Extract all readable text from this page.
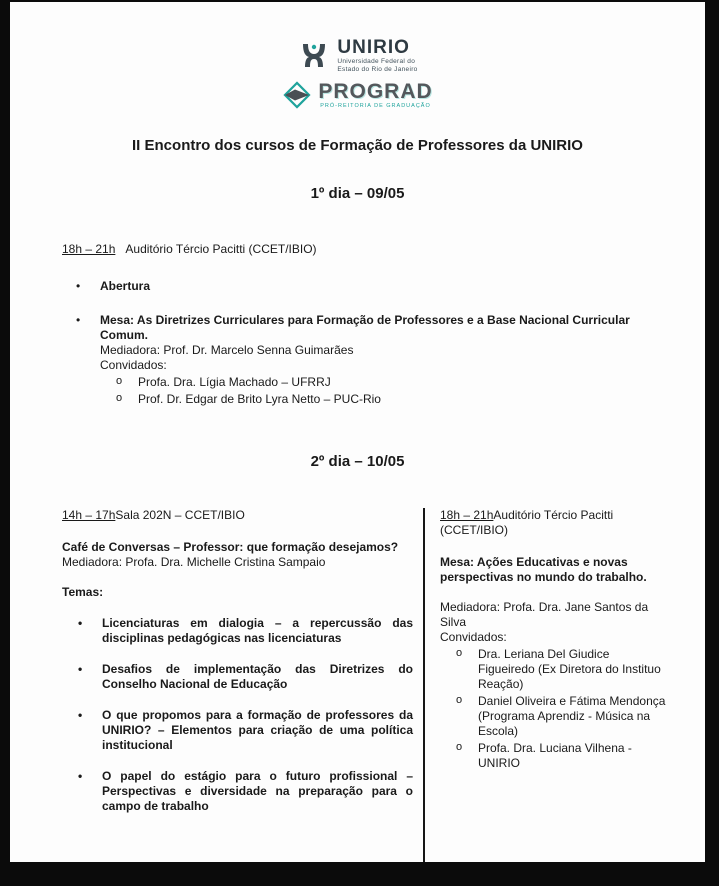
UNIRIO
Universidade Federal do
Estado do Rio de Janeiro
PROGRAD
PRÓ-REITORIA DE GRADUAÇÃO
II Encontro dos cursos de Formação de Professores da UNIRIO
1º dia – 09/05
18h – 21h Auditório Tércio Pacitti (CCET/IBIO)
•	Abertura
•	Mesa: As Diretrizes Curriculares para Formação de Professores e a Base Nacional Curricular Comum.
Mediadora: Prof. Dr. Marcelo Senna Guimarães
Convidados:
o	Profa. Dra. Lígia Machado – UFRRJ
o	Prof. Dr. Edgar de Brito Lyra Netto – PUC-Rio
2º dia – 10/05
14h – 17hSala 202N – CCET/IBIO
Café de Conversas – Professor: que formação desejamos?
Mediadora: Profa. Dra. Michelle Cristina Sampaio
Temas:
•	Licenciaturas em dialogia – a repercussão das disciplinas pedagógicas nas licenciaturas
•	Desafios de implementação das Diretrizes do Conselho Nacional de Educação
•	O que propomos para a formação de professores da UNIRIO? – Elementos para criação de uma política institucional
•	O papel do estágio para o futuro profissional – Perspectivas e diversidade na preparação para o campo de trabalho
18h – 21hAuditório Tércio Pacitti (CCET/IBIO)
Mesa: Ações Educativas e novas perspectivas no mundo do trabalho.
Mediadora: Profa. Dra. Jane Santos da Silva
Convidados:
o	Dra. Leriana Del Giudice Figueiredo (Ex Diretora do Instituo Reação)
o	Daniel Oliveira e Fátima Mendonça (Programa Aprendiz - Música na Escola)
o	Profa. Dra. Luciana Vilhena - UNIRIO
